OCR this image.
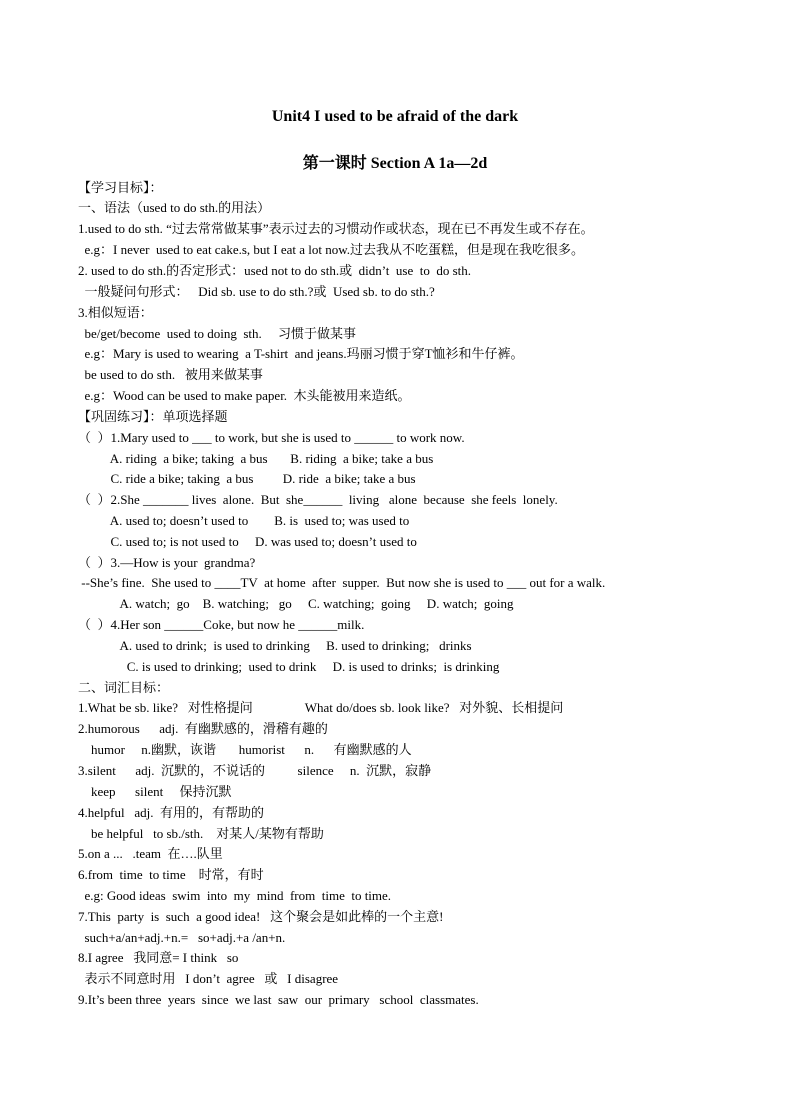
Unit4 I used to be afraid of the dark
第一课时 Section A 1a—2d
【学习目标】：
一、语法（used to do sth.的用法）
1.used to do sth. “过去常常做某事”表示过去的习惯动作或状态，现在已不再发生或不存在。
e.g：I never  used to eat cake.s, but I eat a lot now.过去我从不吃蛋糕，但是现在我吃很多。
2. used to do sth.的否定形式：used not to do sth.或  didn’t  use  to  do sth.
一般疑问句形式：   Did sb. use to do sth.?或  Used sb. to do sth.?
3.相似短语：
be/get/become  used to doing  sth.     习惯于做某事
e.g：Mary is used to wearing  a T-shirt  and jeans.玛丽习惯于穿T恤衫和牛仔裤。
be used to do sth.   被用来做某事
e.g：Wood can be used to make paper.  木头能被用来造纸。
【巩固练习】：单项选择题
（  ）1.Mary used to ___ to work, but she is used to ______ to work now.
A. riding  a bike; taking  a bus       B. riding  a bike; take a bus
C. ride a bike; taking  a bus         D. ride  a bike; take a bus
（  ）2.She _______ lives  alone.  But  she______  living   alone  because  she feels  lonely.
A. used to; doesn’t used to        B. is  used to; was used to
C. used to; is not used to     D. was used to; doesn’t used to
（  ）3.—How is your  grandma?
--She’s fine.  She used to ____TV  at home  after  supper.  But now she is used to ___ out for a walk.
A. watch;  go    B. watching;   go     C. watching;  going     D. watch;  going
（  ）4.Her son ______Coke, but now he ______milk.
A. used to drink;  is used to drinking     B. used to drinking;   drinks
C. is used to drinking;  used to drink     D. is used to drinks;  is drinking
二、词汇目标：
1.What be sb. like?   对性格提问                What do/does sb. look like?   对外貌、长相提问
2.humorous      adj.  有幽默感的，滑稽有趣的
humor     n.幽默，诙谐       humorist      n.      有幽默感的人
3.silent      adj.  沉默的，不说话的          silence     n.  沉默，寂静
keep      silent     保持沉默
4.helpful   adj.  有用的，有帮助的
be helpful   to sb./sth.    对某人/某物有帮助
5.on a ...   .team  在….队里
6.from  time  to time    时常，有时
e.g: Good ideas  swim  into  my  mind  from  time  to time.
7.This  party  is  such  a good idea!   这个聚会是如此棒的一个主意!
such+a/an+adj.+n.=   so+adj.+a /an+n.
8.I agree   我同意= I think   so
表示不同意时用   I don’t  agree   或   I disagree
9.It’s been three  years  since  we last  saw  our  primary   school  classmates.
